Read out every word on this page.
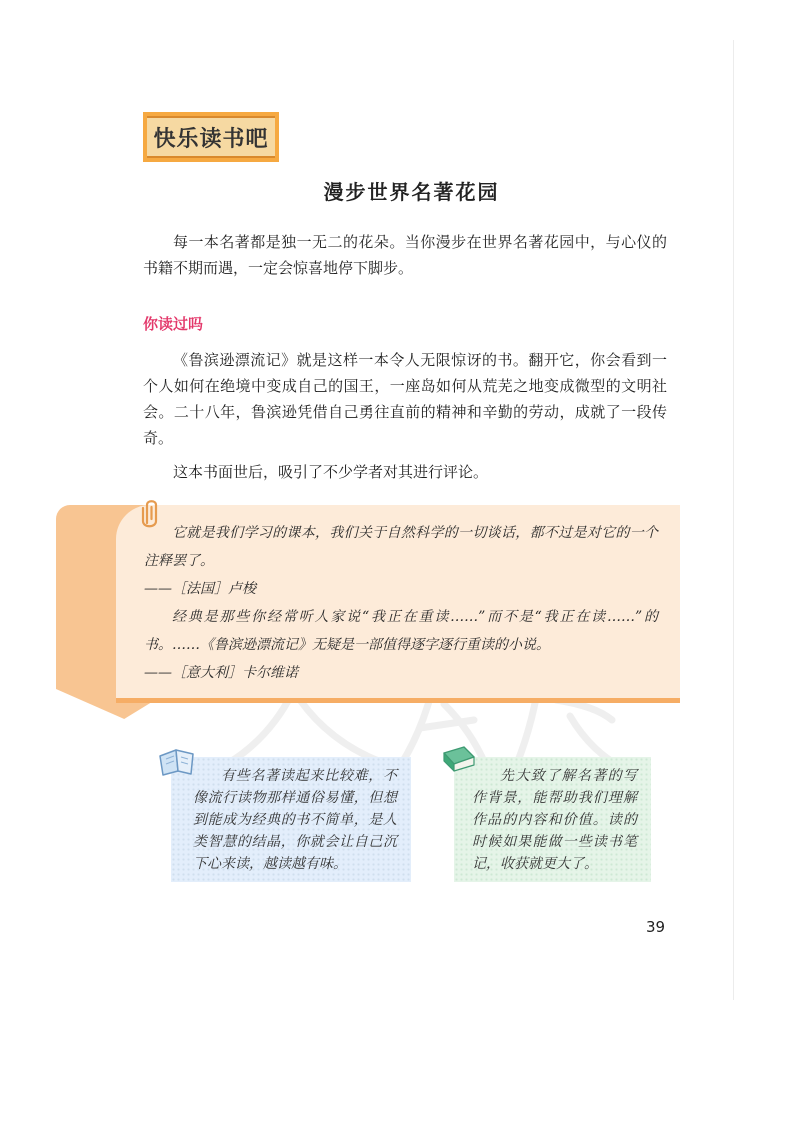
快乐读书吧
漫步世界名著花园

每一本名著都是独一无二的花朵。当你漫步在世界名著花园中，与心仪的书籍不期而遇，一定会惊喜地停下脚步。

你读过吗

《鲁滨逊漂流记》就是这样一本令人无限惊讶的书。翻开它，你会看到一个人如何在绝境中变成自己的国王，一座岛如何从荒芜之地变成微型的文明社会。二十八年，鲁滨逊凭借自己勇往直前的精神和辛勤的劳动，成就了一段传奇。

这本书面世后，吸引了不少学者对其进行评论。

它就是我们学习的课本，我们关于自然科学的一切谈话，都不过是对它的一个注释罢了。

——［法国］卢梭

经典是那些你经常听人家说“我正在重读……”而不是“我正在读……”的书。……《鲁滨逊漂流记》无疑是一部值得逐字逐行重读的小说。

——［意大利］卡尔维诺

有些名著读起来比较难，不像流行读物那样通俗易懂，但想到能成为经典的书不简单，是人类智慧的结晶，你就会让自己沉下心来读，越读越有味。

先大致了解名著的写作背景，能帮助我们理解作品的内容和价值。读的时候如果能做一些读书笔记，收获就更大了。

39
